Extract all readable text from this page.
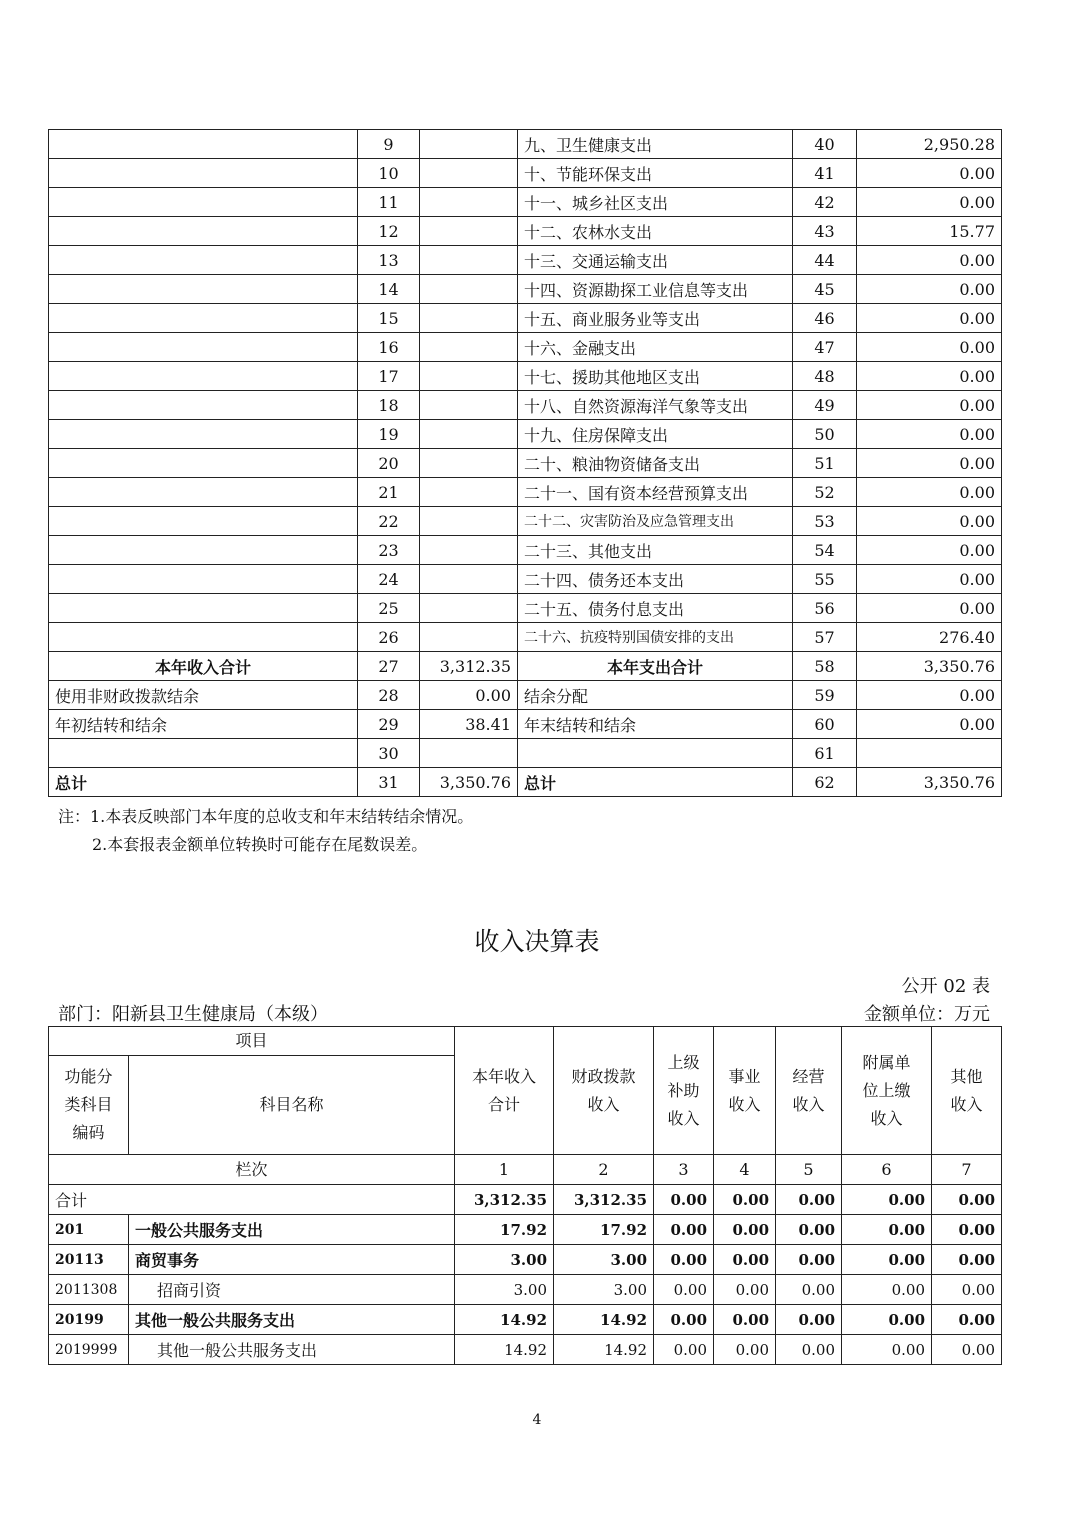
	9		九、卫生健康支出	40	2,950.28
	10		十、节能环保支出	41	0.00
	11		十一、城乡社区支出	42	0.00
	12		十二、农林水支出	43	15.77
	13		十三、交通运输支出	44	0.00
	14		十四、资源勘探工业信息等支出	45	0.00
	15		十五、商业服务业等支出	46	0.00
	16		十六、金融支出	47	0.00
	17		十七、援助其他地区支出	48	0.00
	18		十八、自然资源海洋气象等支出	49	0.00
	19		十九、住房保障支出	50	0.00
	20		二十、粮油物资储备支出	51	0.00
	21		二十一、国有资本经营预算支出	52	0.00
	22		二十二、灾害防治及应急管理支出	53	0.00
	23		二十三、其他支出	54	0.00
	24		二十四、债务还本支出	55	0.00
	25		二十五、债务付息支出	56	0.00
	26		二十六、抗疫特别国债安排的支出	57	276.40
本年收入合计	27	3,312.35	本年支出合计	58	3,350.76
使用非财政拨款结余	28	0.00	结余分配	59	0.00
年初结转和结余	29	38.41	年末结转和结余	60	0.00
	30			61	
总计	31	3,350.76	总计	62	3,350.76
注：1.本表反映部门本年度的总收支和年末结转结余情况。
2.本套报表金额单位转换时可能存在尾数误差。
收入决算表
公开 02 表
部门：阳新县卫生健康局（本级）	金额单位：万元
项目		本年收入合计	财政拨款收入	上级补助收入	事业收入	经营收入	附属单位上缴收入	其他收入

功能分类科目编码	科目名称							
栏次		1	2	3	4	5	6	7
合计		3,312.35	3,312.35	0.00	0.00	0.00	0.00	0.00
201	一般公共服务支出	17.92	17.92	0.00	0.00	0.00	0.00	0.00
20113	商贸事务	3.00	3.00	0.00	0.00	0.00	0.00	0.00
2011308	招商引资	3.00	3.00	0.00	0.00	0.00	0.00	0.00
20199	其他一般公共服务支出	14.92	14.92	0.00	0.00	0.00	0.00	0.00
2019999	其他一般公共服务支出	14.92	14.92	0.00	0.00	0.00	0.00	0.00
4
